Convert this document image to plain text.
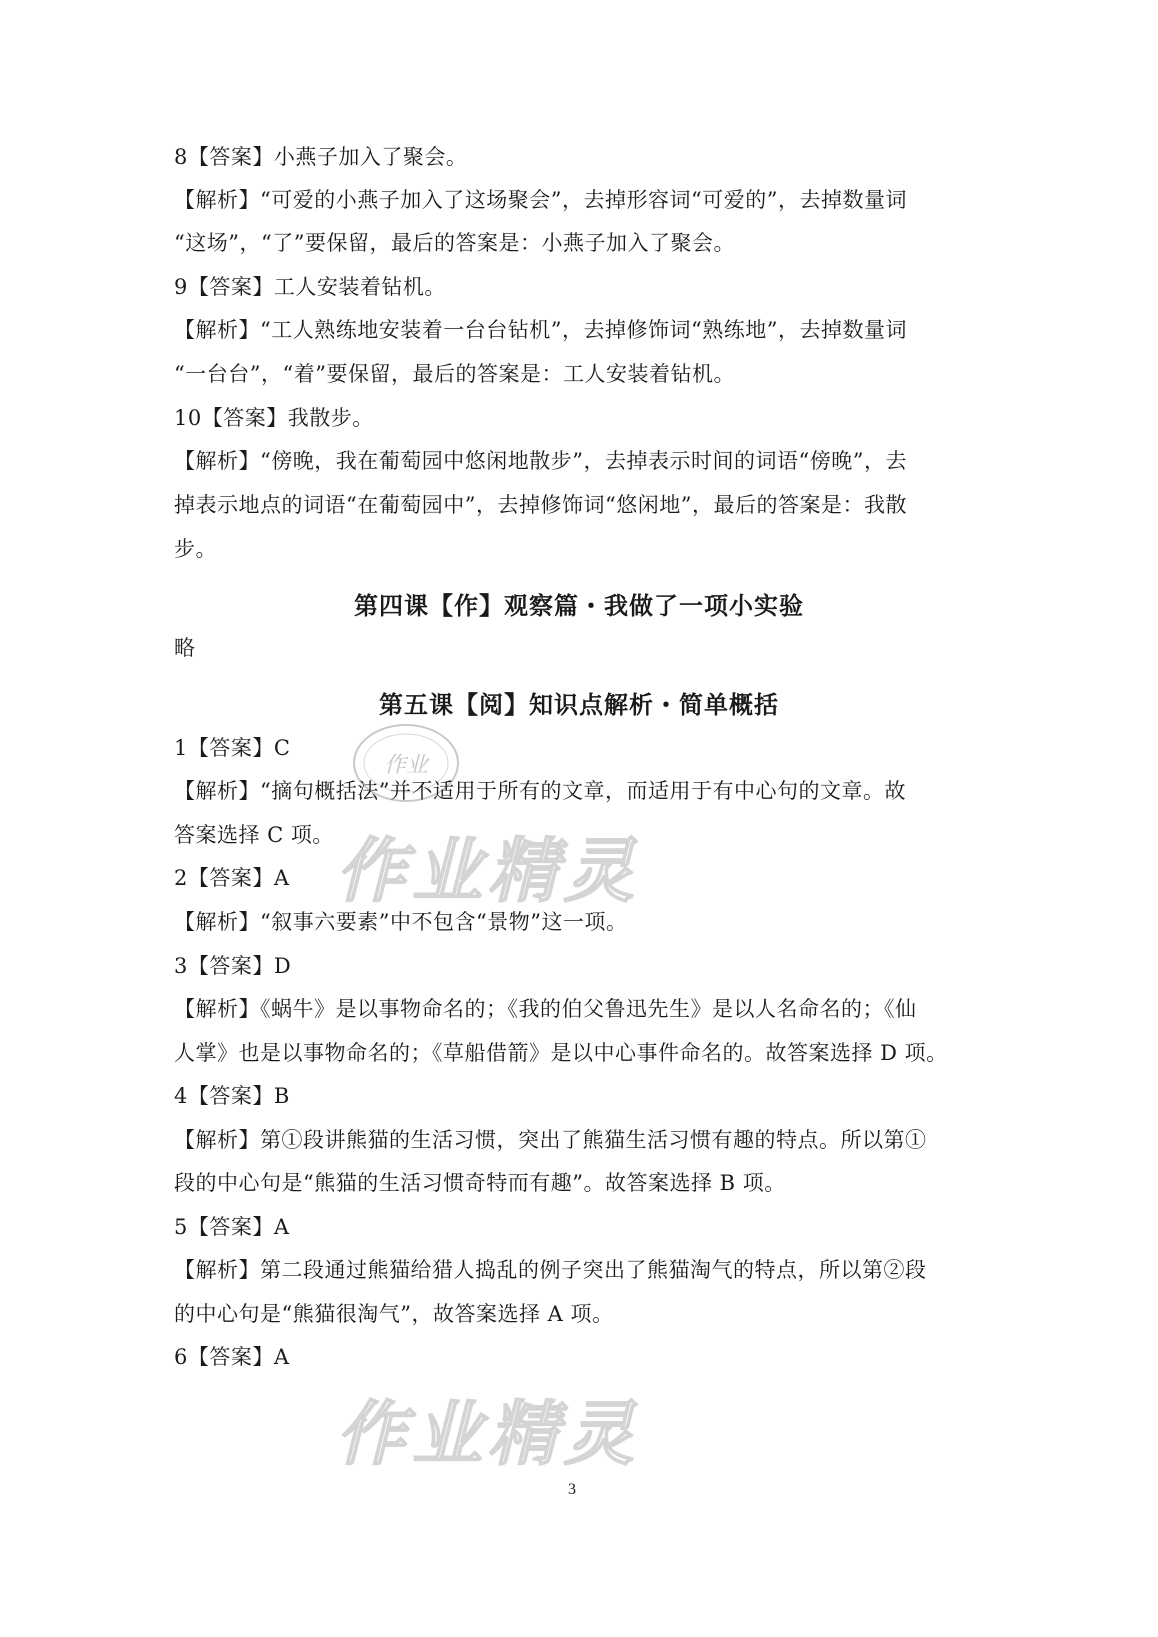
作业精灵
作业精灵
作业
8【答案】小燕子加入了聚会。
【解析】“可爱的小燕子加入了这场聚会”，去掉形容词“可爱的”，去掉数量词
“这场”，“了”要保留，最后的答案是：小燕子加入了聚会。
9【答案】工人安装着钻机。
【解析】“工人熟练地安装着一台台钻机”，去掉修饰词“熟练地”，去掉数量词
“一台台”，“着”要保留，最后的答案是：工人安装着钻机。
10【答案】我散步。
【解析】“傍晚，我在葡萄园中悠闲地散步”，去掉表示时间的词语“傍晚”，去
掉表示地点的词语“在葡萄园中”，去掉修饰词“悠闲地”，最后的答案是：我散
步。
第四课【作】观察篇・我做了一项小实验
略
第五课【阅】知识点解析・简单概括
1【答案】C
【解析】“摘句概括法”并不适用于所有的文章，而适用于有中心句的文章。故
答案选择 C 项。
2【答案】A
【解析】“叙事六要素”中不包含“景物”这一项。
3【答案】D
【解析】《蜗牛》是以事物命名的；《我的伯父鲁迅先生》是以人名命名的；《仙
人掌》也是以事物命名的；《草船借箭》是以中心事件命名的。故答案选择 D 项。
4【答案】B
【解析】第①段讲熊猫的生活习惯，突出了熊猫生活习惯有趣的特点。所以第①
段的中心句是“熊猫的生活习惯奇特而有趣”。故答案选择 B 项。
5【答案】A
【解析】第二段通过熊猫给猎人捣乱的例子突出了熊猫淘气的特点，所以第②段
的中心句是“熊猫很淘气”，故答案选择 A 项。
6【答案】A
3
